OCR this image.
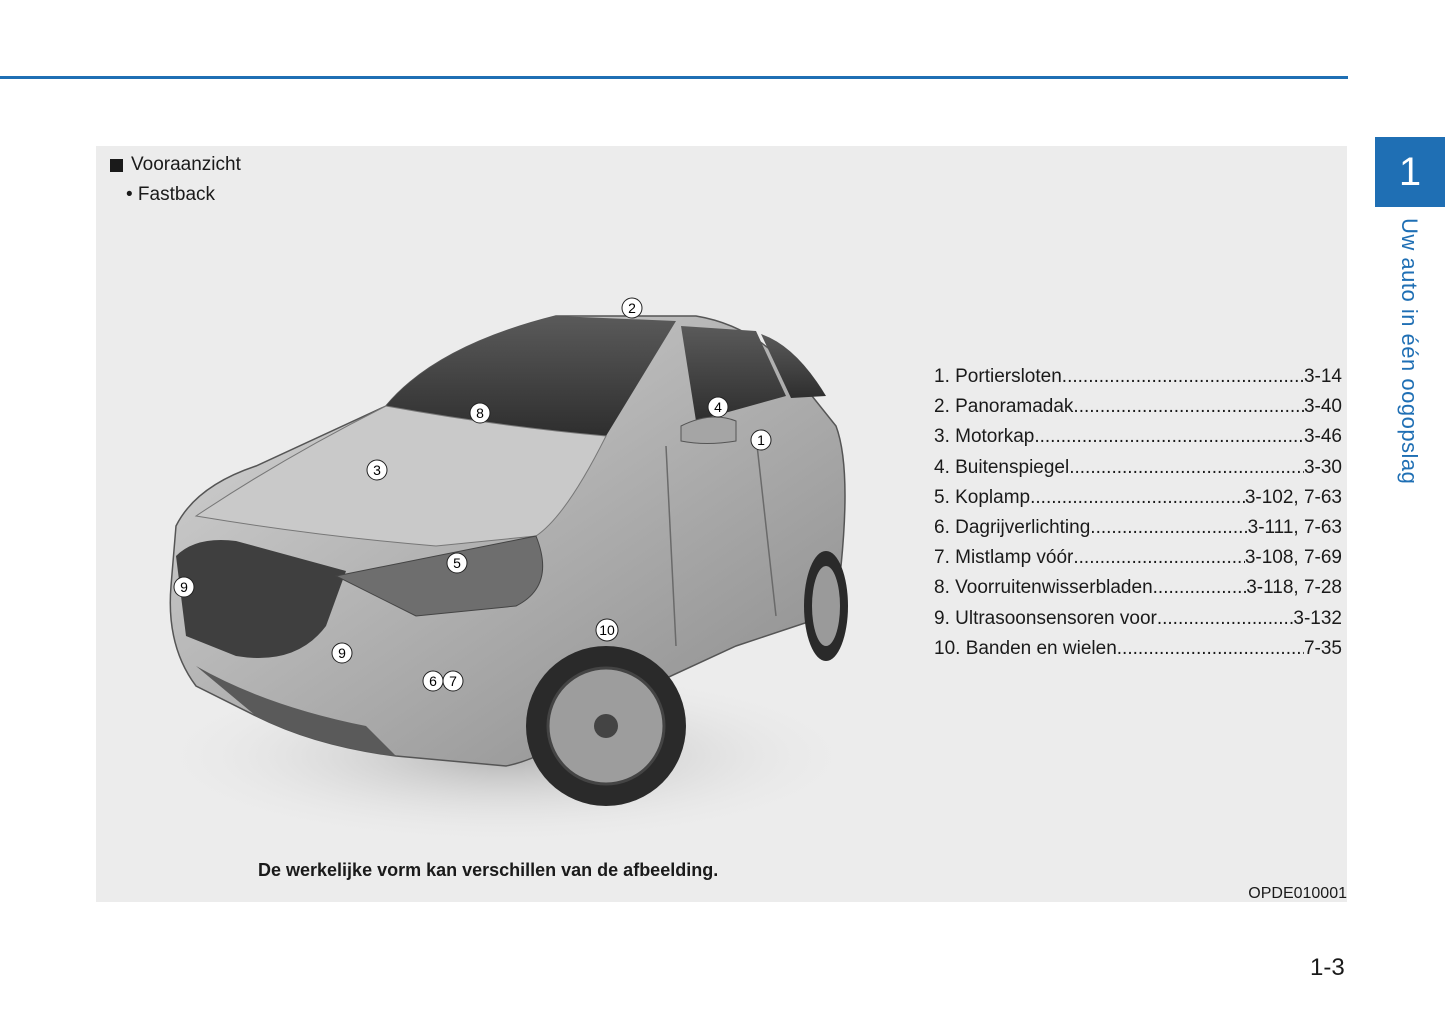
1
Uw auto in één oogopslag
Vooraanzicht
• Fastback
1
2
3
4
5
6 7
8
9
9
10
1. Portiersloten .....	3-14
2. Panoramadak .....	3-40
3. Motorkap .....	3-46
4. Buitenspiegel .....	3-30
5. Koplamp .....	3-102, 7-63
6. Dagrijverlichting .....	3-111, 7-63
7. Mistlamp vóór .....	3-108, 7-69
8. Voorruitenwisserbladen .....	3-118, 7-28
9. Ultrasoonsensoren voor .....	3-132
10. Banden en wielen .....	7-35
De werkelijke vorm kan verschillen van de afbeelding.
OPDE010001
1-3
